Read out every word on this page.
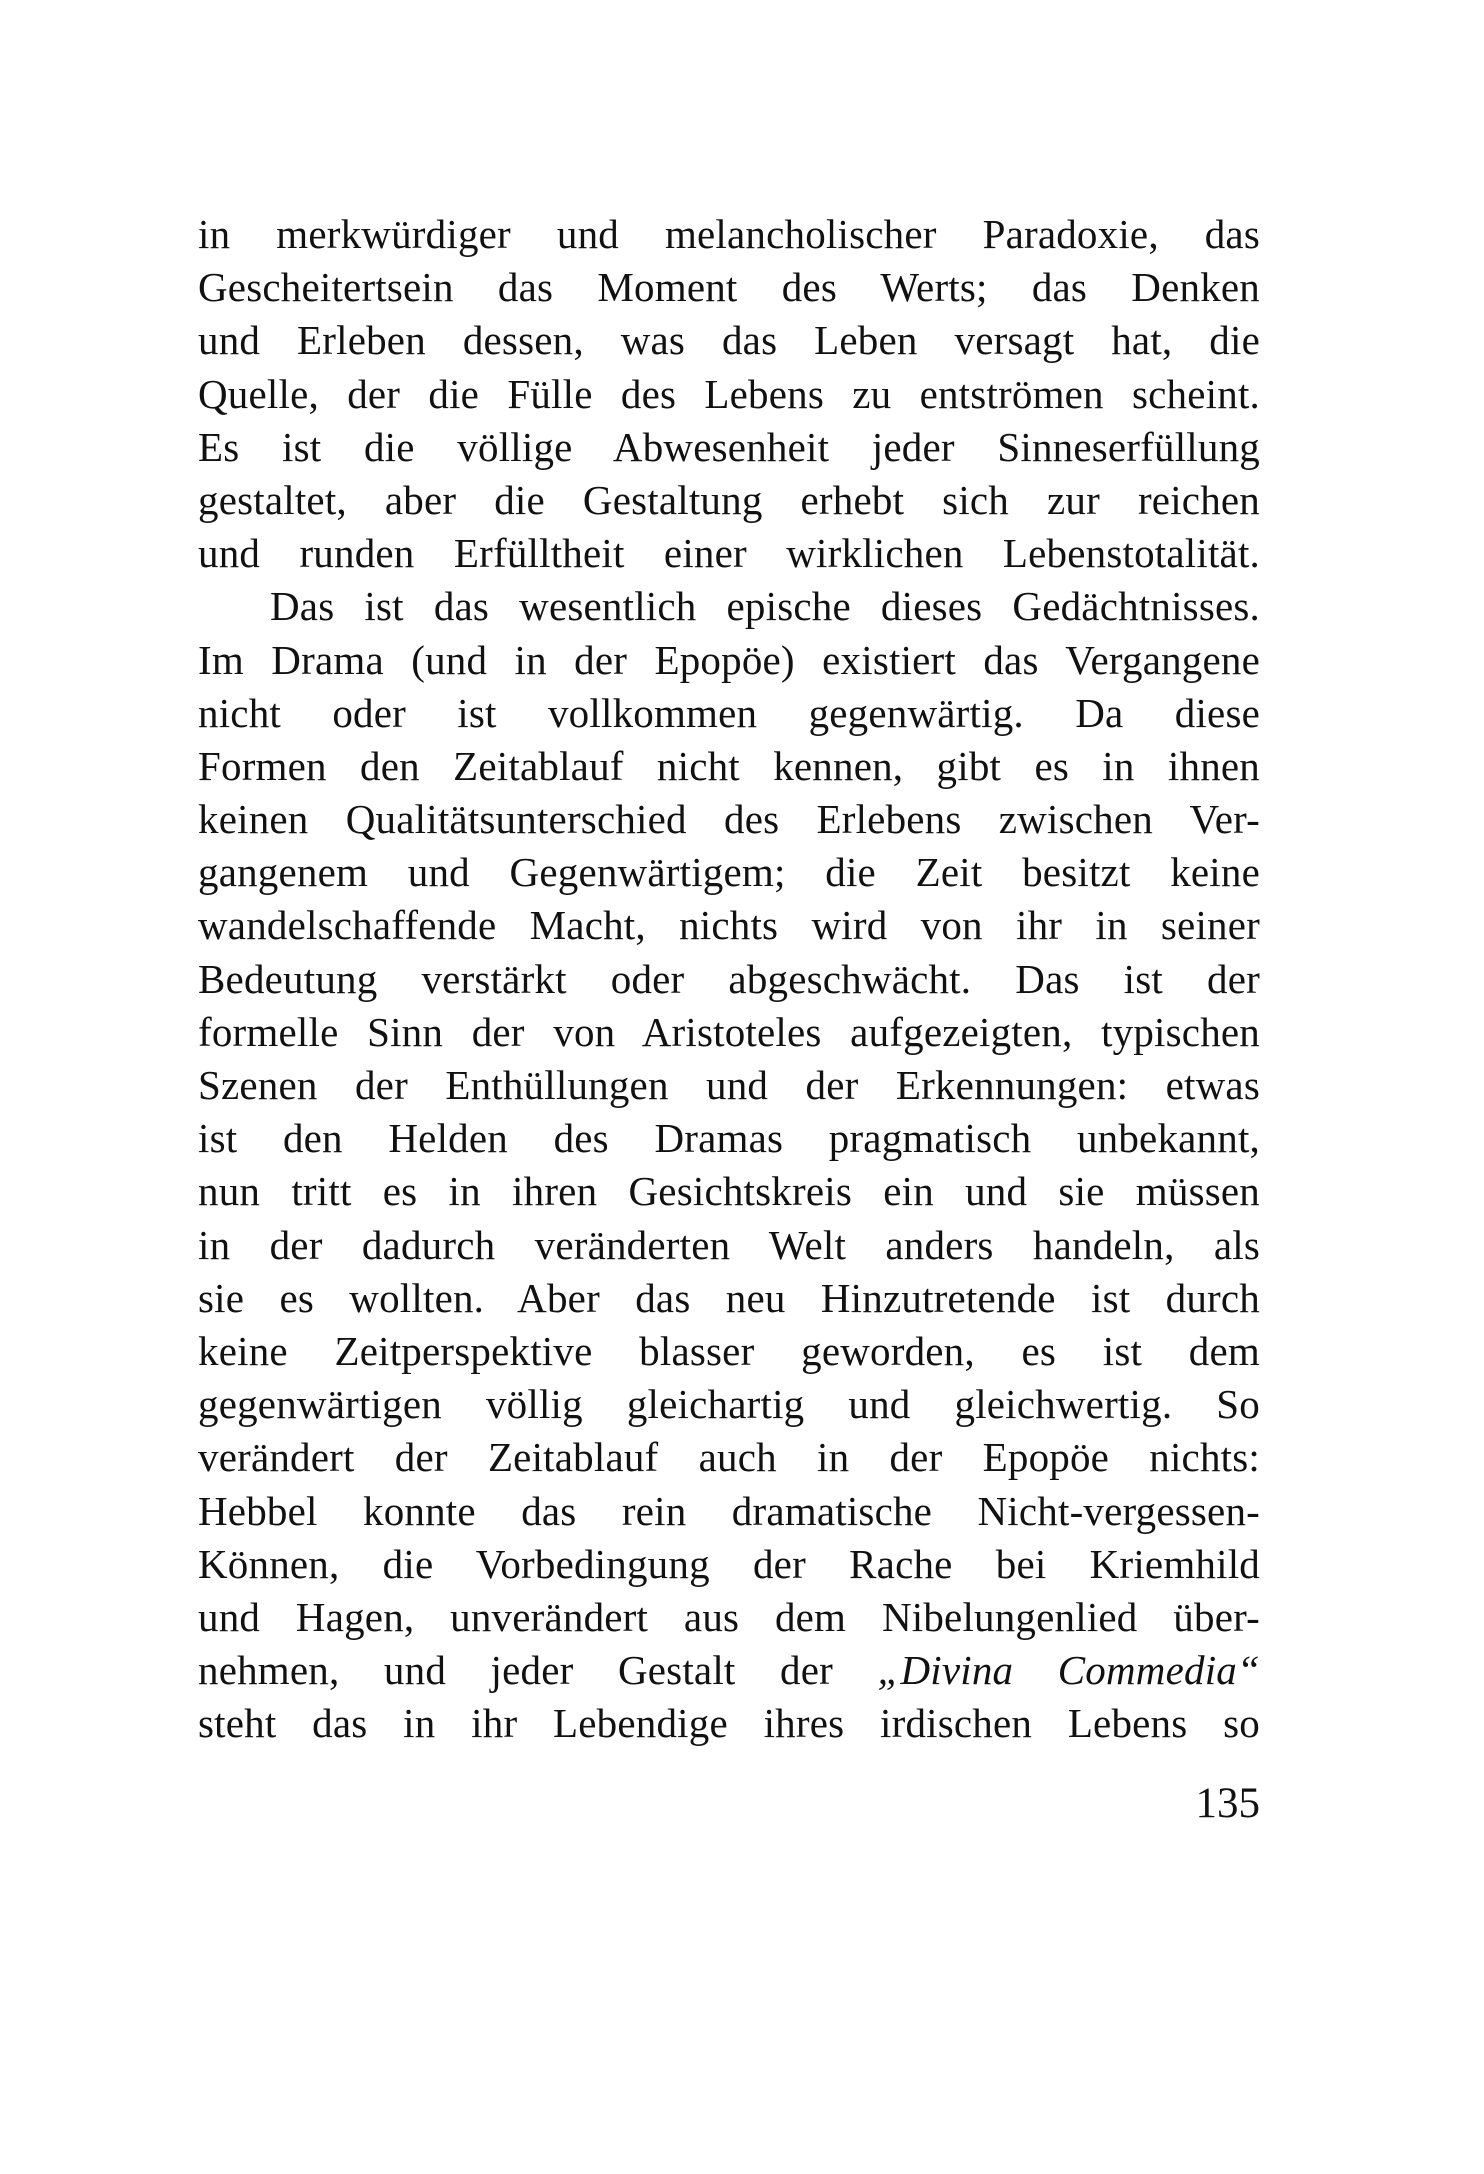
in merkwürdiger und melancholischer Paradoxie, das
Gescheitertsein das Moment des Werts; das Denken
und Erleben dessen, was das Leben versagt hat, die
Quelle, der die Fülle des Lebens zu entströmen scheint.
Es ist die völlige Abwesenheit jeder Sinneserfüllung
gestaltet, aber die Gestaltung erhebt sich zur reichen
und runden Erfülltheit einer wirklichen Lebenstotalität.
Das ist das wesentlich epische dieses Gedächtnisses.
Im Drama (und in der Epopöe) existiert das Vergangene
nicht oder ist vollkommen gegenwärtig. Da diese
Formen den Zeitablauf nicht kennen, gibt es in ihnen
keinen Qualitätsunterschied des Erlebens zwischen Ver-
gangenem und Gegenwärtigem; die Zeit besitzt keine
wandelschaffende Macht, nichts wird von ihr in seiner
Bedeutung verstärkt oder abgeschwächt. Das ist der
formelle Sinn der von Aristoteles aufgezeigten, typischen
Szenen der Enthüllungen und der Erkennungen: etwas
ist den Helden des Dramas pragmatisch unbekannt,
nun tritt es in ihren Gesichtskreis ein und sie müssen
in der dadurch veränderten Welt anders handeln, als
sie es wollten. Aber das neu Hinzutretende ist durch
keine Zeitperspektive blasser geworden, es ist dem
gegenwärtigen völlig gleichartig und gleichwertig. So
verändert der Zeitablauf auch in der Epopöe nichts:
Hebbel konnte das rein dramatische Nicht-vergessen-
Können, die Vorbedingung der Rache bei Kriemhild
und Hagen, unverändert aus dem Nibelungenlied über-
nehmen, und jeder Gestalt der „Divina Commedia“
steht das in ihr Lebendige ihres irdischen Lebens so
135
